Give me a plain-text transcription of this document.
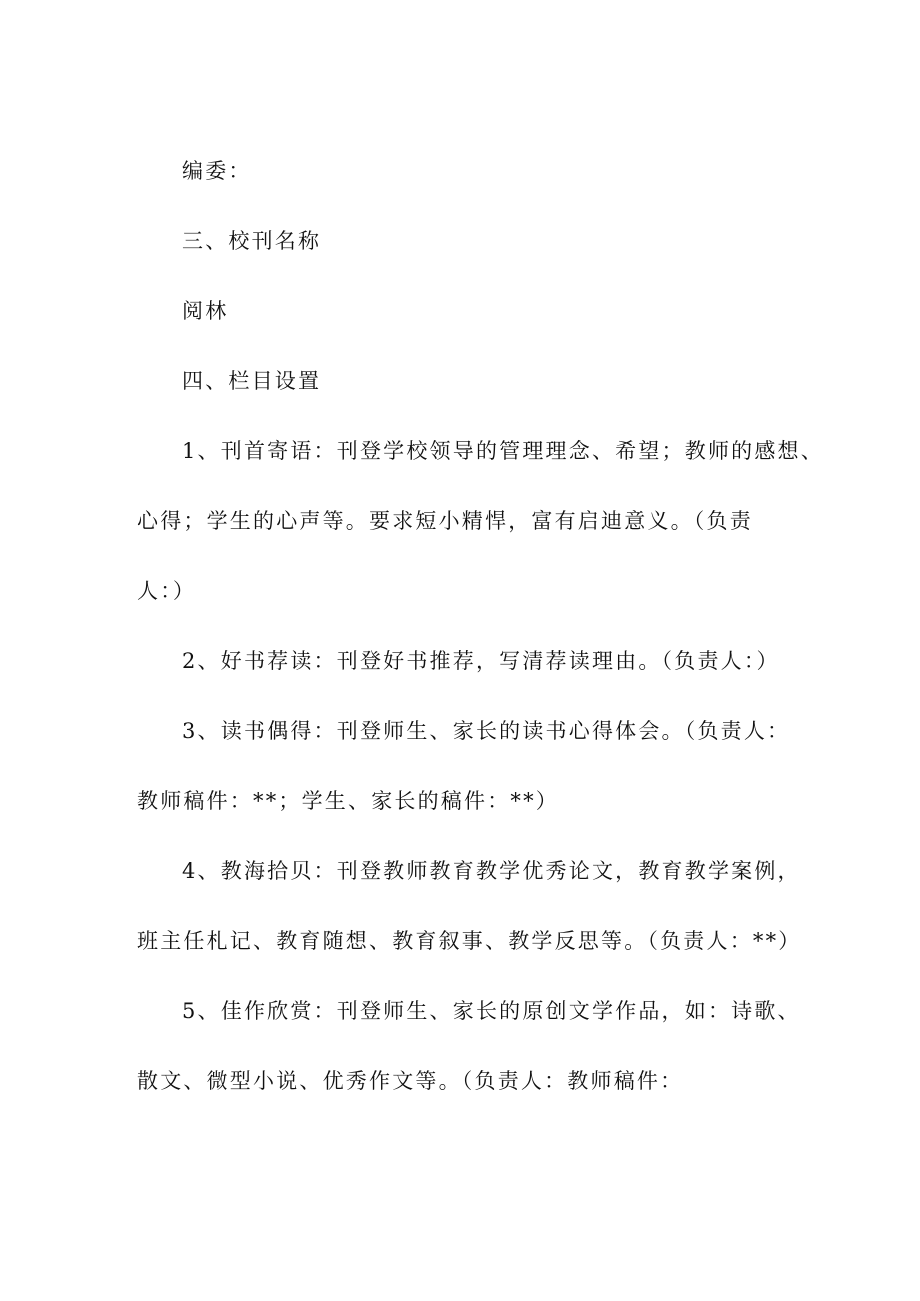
编委：

三、校刊名称

阅林

四、栏目设置

1、刊首寄语：刊登学校领导的管理理念、希望；教师的感想、

心得；学生的心声等。要求短小精悍，富有启迪意义。（负责

人：）

2、好书荐读：刊登好书推荐，写清荐读理由。（负责人：）

3、读书偶得：刊登师生、家长的读书心得体会。（负责人：

教师稿件：**；学生、家长的稿件：**）

4、教海拾贝：刊登教师教育教学优秀论文，教育教学案例，

班主任札记、教育随想、教育叙事、教学反思等。（负责人：**）

5、佳作欣赏：刊登师生、家长的原创文学作品，如：诗歌、

散文、微型小说、优秀作文等。（负责人：教师稿件：
